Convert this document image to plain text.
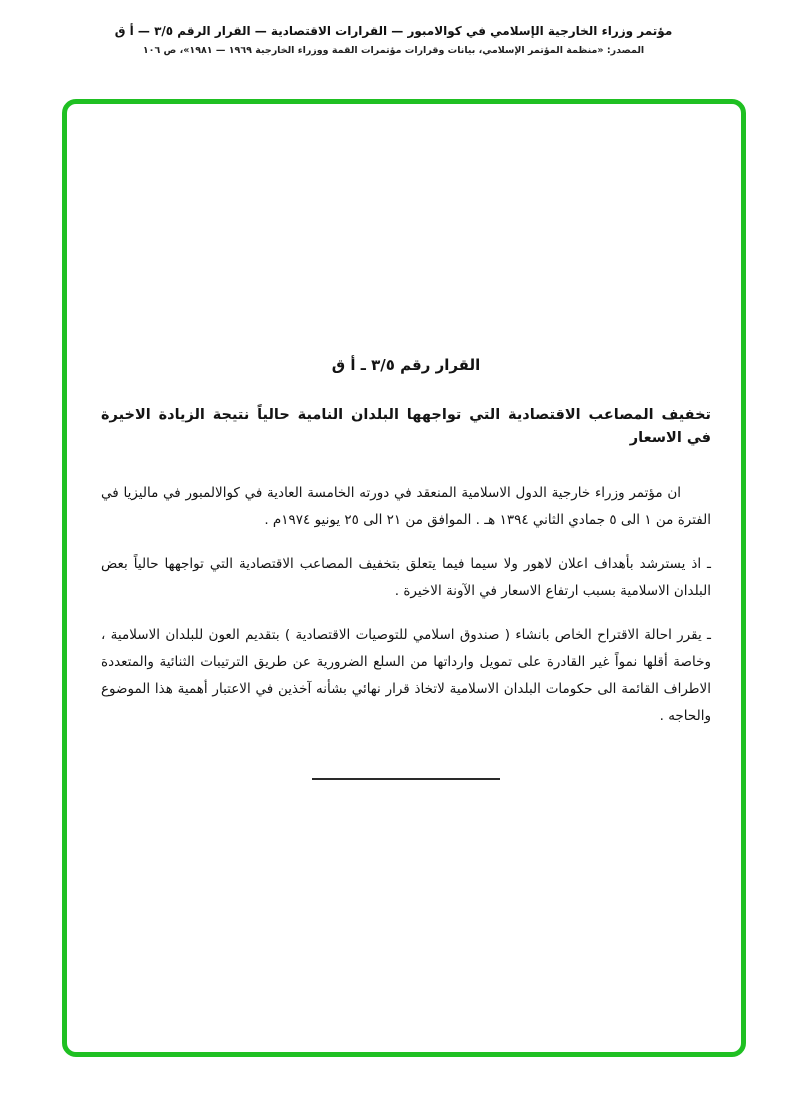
مؤتمر وزراء الخارجية الإسلامي في كوالامبور — القرارات الاقتصادية — القرار الرقم ٣/٥ — أ ق
المصدر: «منظمة المؤتمر الإسلامي، بيانات وقرارات مؤتمرات القمة ووزراء الخارجية ١٩٦٩ — ١٩٨١»، ص ١٠٦
القرار رقم ٣/٥ ـ أ ق
تخفيف المصاعب الاقتصادية التي تواجهها البلدان النامية حالياً نتيجة الزيادة الاخيرة في الاسعار

ان مؤتمر وزراء خارجية الدول الاسلامية المنعقد في دورته الخامسة العادية في كوالالمبور في ماليزيا في الفترة من ١ الى ٥ جمادي الثاني ١٣٩٤ هـ . الموافق من ٢١ الى ٢٥ يونيو ١٩٧٤م .

ـ اذ يسترشد بأهداف اعلان لاهور ولا سيما فيما يتعلق بتخفيف المصاعب الاقتصادية التي تواجهها حالياً بعض البلدان الاسلامية بسبب ارتفاع الاسعار في الآونة الاخيرة .

ـ يقرر احالة الاقتراح الخاص بانشاء ( صندوق اسلامي للتوصيات الاقتصادية ) بتقديم العون للبلدان الاسلامية ، وخاصة أقلها نمواً غير القادرة على تمويل وارداتها من السلع الضرورية عن طريق الترتيبات الثنائية والمتعددة الاطراف القائمة الى حكومات البلدان الاسلامية لاتخاذ قرار نهائي بشأنه آخذين في الاعتبار أهمية هذا الموضوع والحاجه .
